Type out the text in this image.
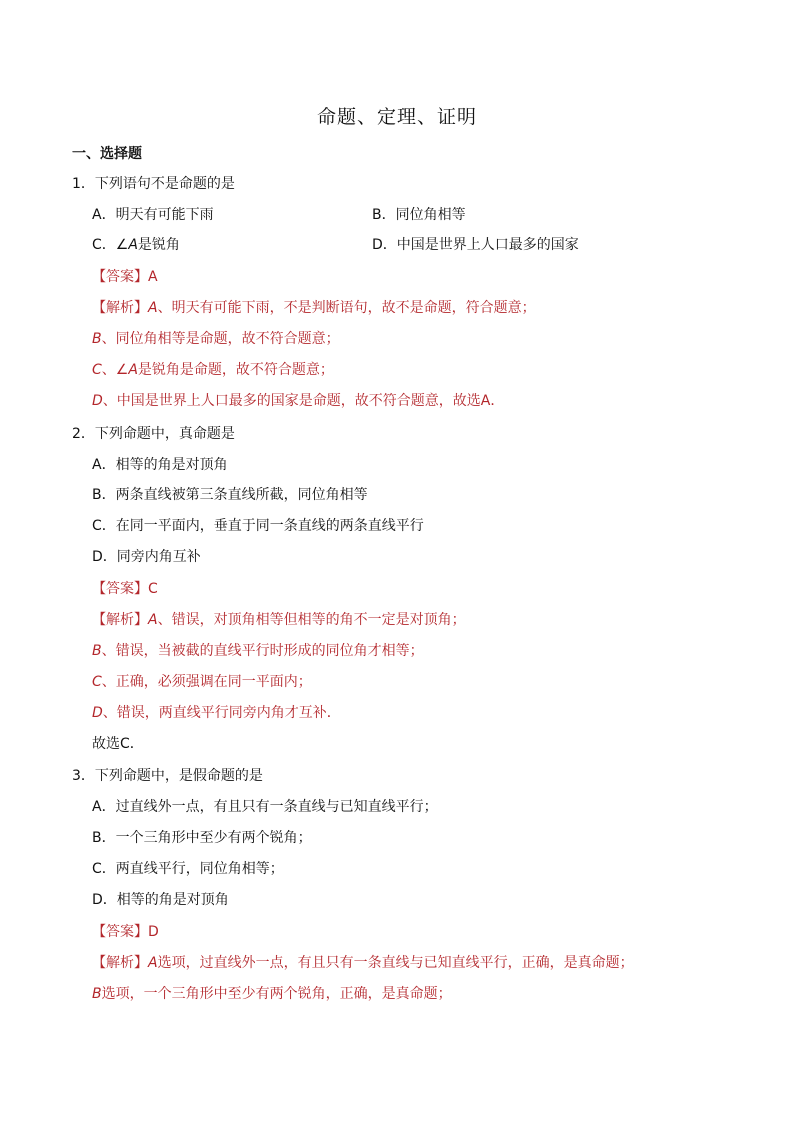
命题、定理、证明
一、选择题
1．下列语句不是命题的是
A．明天有可能下雨	B．同位角相等
C．∠A是锐角	D．中国是世界上人口最多的国家
【答案】A
【解析】A、明天有可能下雨，不是判断语句，故不是命题，符合题意；
B、同位角相等是命题，故不符合题意；
C、∠A是锐角是命题，故不符合题意；
D、中国是世界上人口最多的国家是命题，故不符合题意，故选A．
2．下列命题中，真命题是
A．相等的角是对顶角
B．两条直线被第三条直线所截，同位角相等
C．在同一平面内，垂直于同一条直线的两条直线平行
D．同旁内角互补
【答案】C
【解析】A、错误，对顶角相等但相等的角不一定是对顶角；
B、错误，当被截的直线平行时形成的同位角才相等；
C、正确，必须强调在同一平面内；
D、错误，两直线平行同旁内角才互补．
故选C．
3．下列命题中，是假命题的是
A．过直线外一点，有且只有一条直线与已知直线平行；
B．一个三角形中至少有两个锐角；
C．两直线平行，同位角相等；
D．相等的角是对顶角
【答案】D
【解析】A选项，过直线外一点，有且只有一条直线与已知直线平行，正确，是真命题；
B选项，一个三角形中至少有两个锐角，正确，是真命题；
